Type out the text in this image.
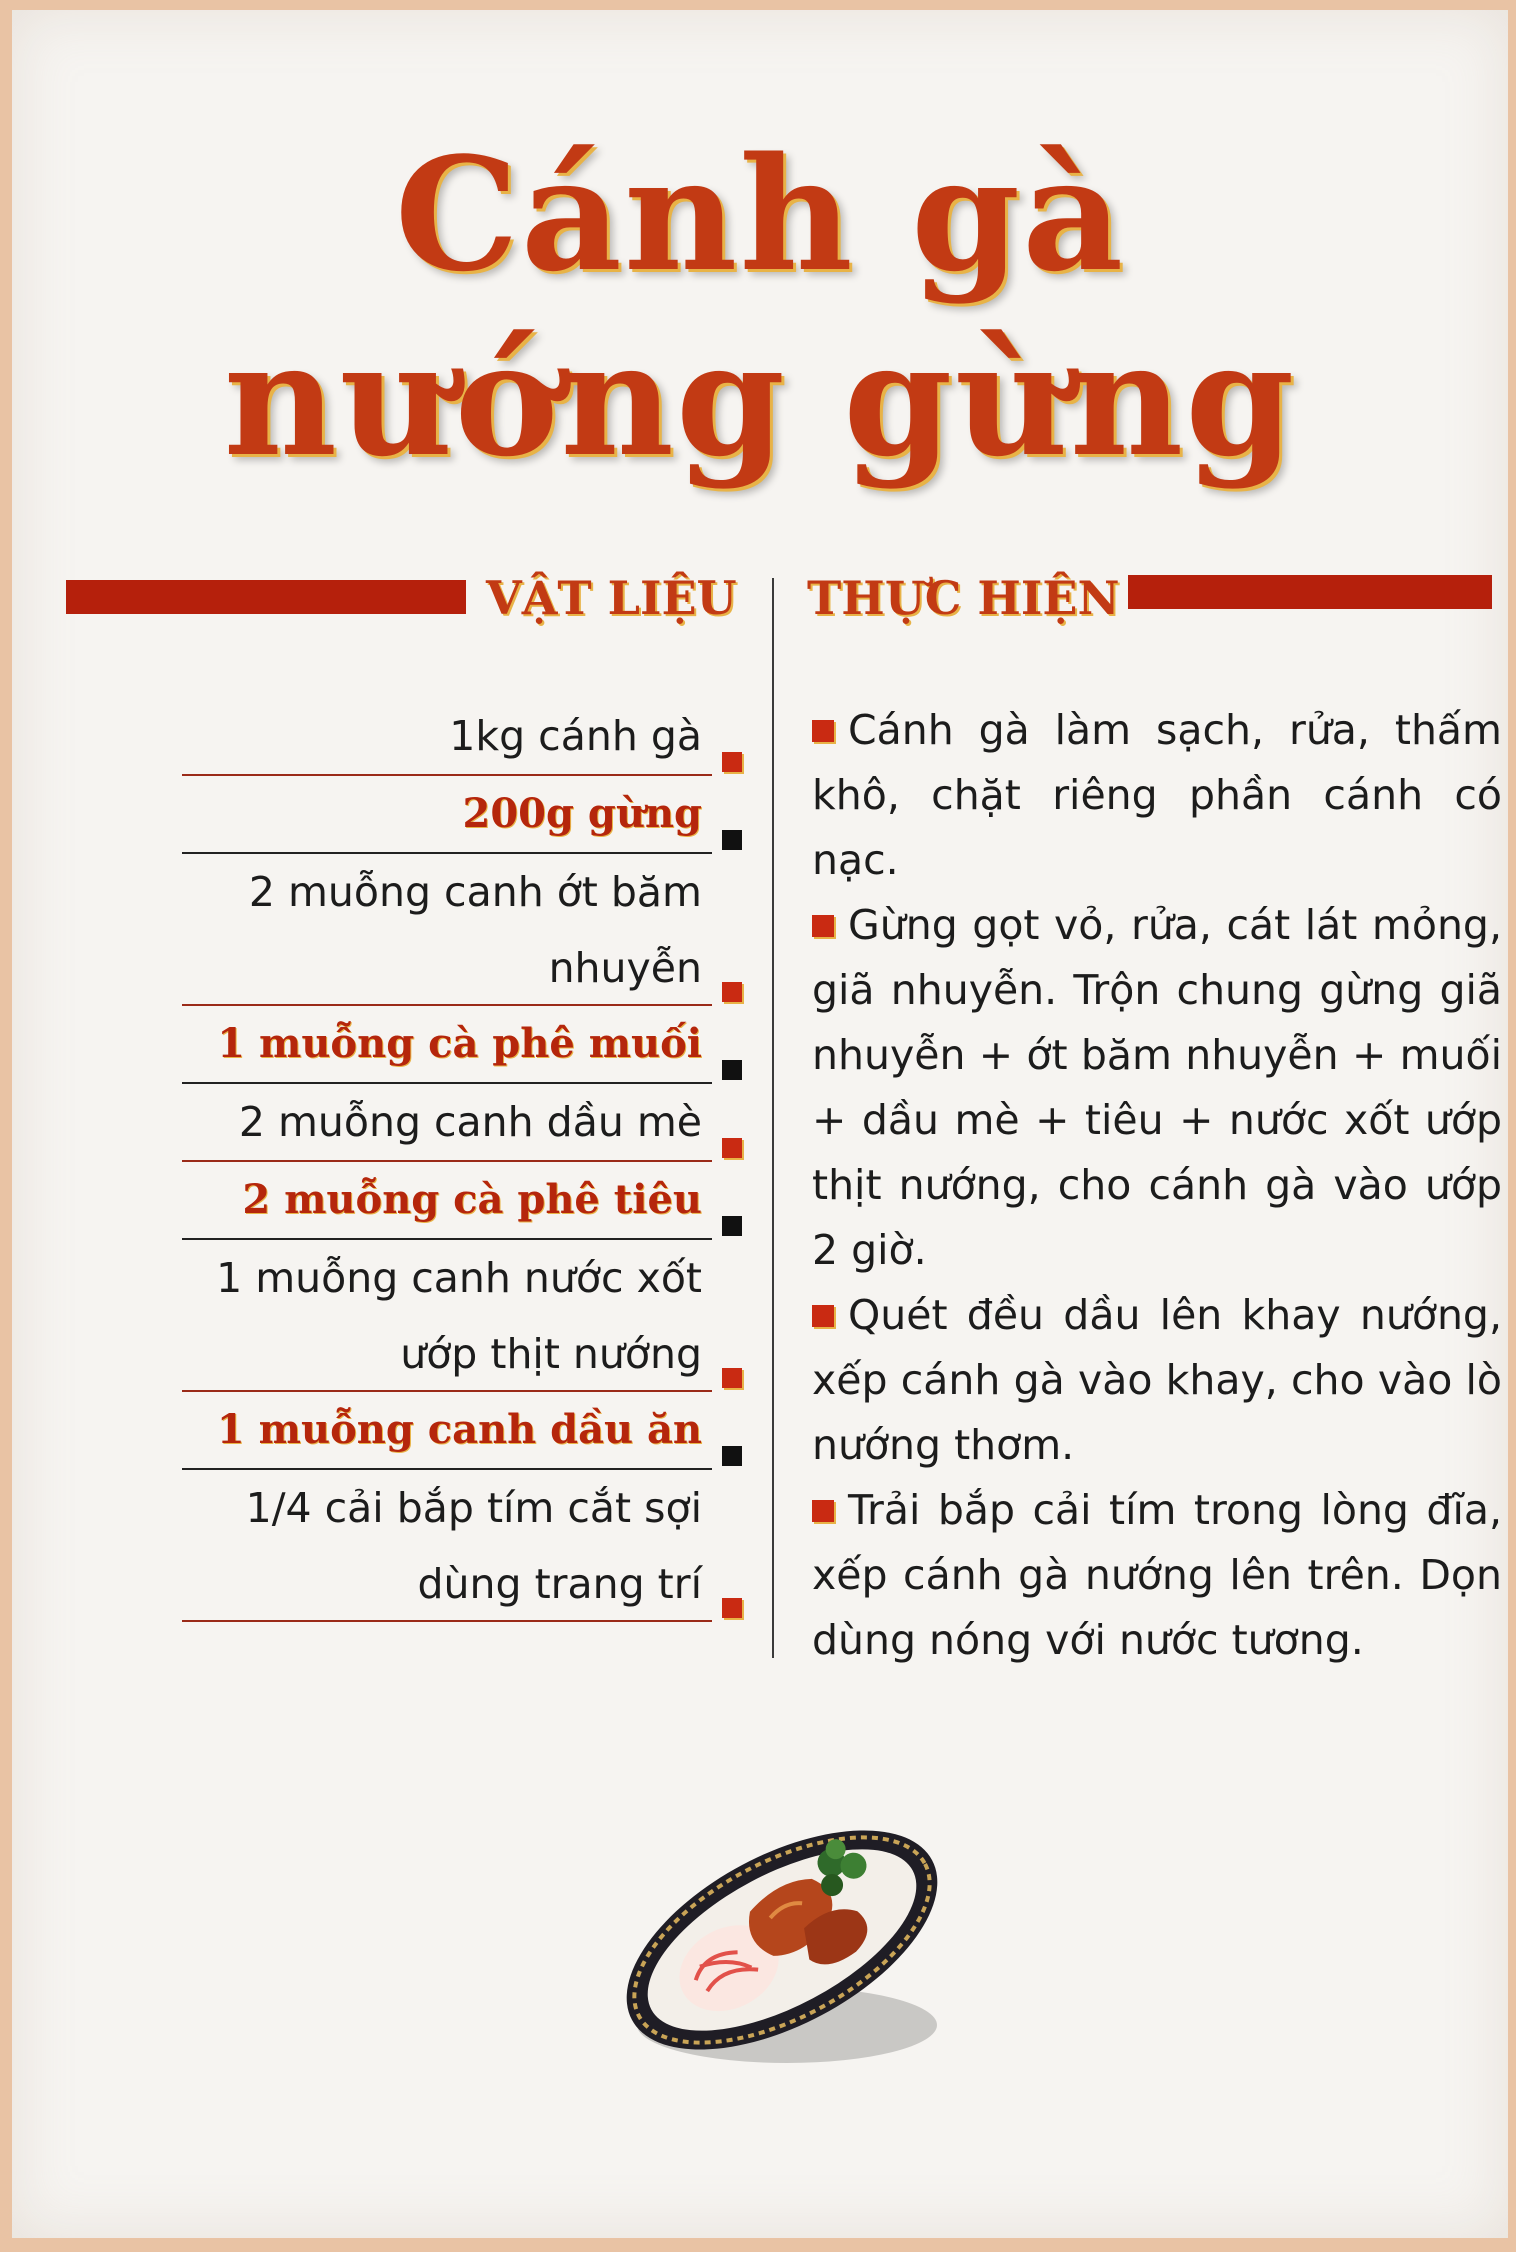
Cánh gà
nướng gừng
VẬT LIỆU THỰC HIỆN
1kg cánh gà
200g gừng
2 muỗng canh ớt băm nhuyễn
1 muỗng cà phê muối
2 muỗng canh dầu mè
2 muỗng cà phê tiêu
1 muỗng canh nước xốt ướp thịt nướng
1 muỗng canh dầu ăn
1/4 cải bắp tím cắt sợi dùng trang trí

Cánh gà làm sạch, rửa, thấm khô, chặt riêng phần cánh có nạc.

Gừng gọt vỏ, rửa, cát lát mỏng, giã nhuyễn. Trộn chung gừng giã nhuyễn + ớt băm nhuyễn + muối + dầu mè + tiêu + nước xốt ướp thịt nướng, cho cánh gà vào ướp 2 giờ.

Quét đều dầu lên khay nướng, xếp cánh gà vào khay, cho vào lò nướng thơm.

Trải bắp cải tím trong lòng đĩa, xếp cánh gà nướng lên trên. Dọn dùng nóng với nước tương.
